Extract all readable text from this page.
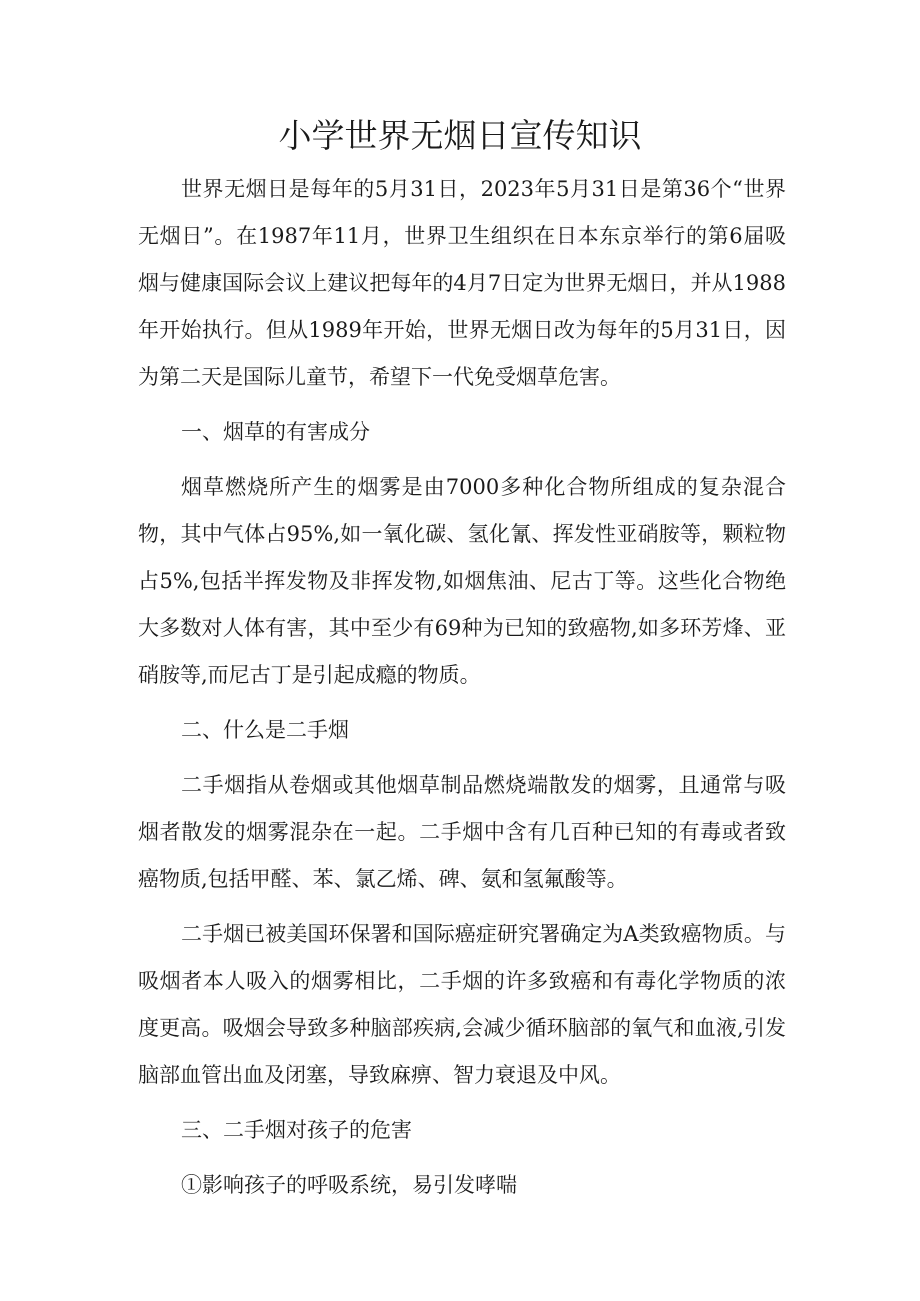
小学世界无烟日宣传知识

世界无烟日是每年的5月31日，2023年5月31日是第36个“世界无烟日”。在1987年11月，世界卫生组织在日本东京举行的第6届吸烟与健康国际会议上建议把每年的4月7日定为世界无烟日，并从1988年开始执行。但从1989年开始，世界无烟日改为每年的5月31日，因为第二天是国际儿童节，希望下一代免受烟草危害。

一、烟草的有害成分

烟草燃烧所产生的烟雾是由7000多种化合物所组成的复杂混合物，其中气体占95%,如一氧化碳、氢化氰、挥发性亚硝胺等，颗粒物占5%,包括半挥发物及非挥发物,如烟焦油、尼古丁等。这些化合物绝大多数对人体有害，其中至少有69种为已知的致癌物,如多环芳烽、亚硝胺等,而尼古丁是引起成瘾的物质。

二、什么是二手烟

二手烟指从卷烟或其他烟草制品燃烧端散发的烟雾，且通常与吸烟者散发的烟雾混杂在一起。二手烟中含有几百种已知的有毒或者致癌物质,包括甲醛、苯、氯乙烯、碑、氨和氢氟酸等。

二手烟已被美国环保署和国际癌症研究署确定为A类致癌物质。与吸烟者本人吸入的烟雾相比，二手烟的许多致癌和有毒化学物质的浓度更高。吸烟会导致多种脑部疾病,会减少循环脑部的氧气和血液,引发脑部血管出血及闭塞，导致麻痹、智力衰退及中风。

三、二手烟对孩子的危害

①影响孩子的呼吸系统，易引发哮喘
